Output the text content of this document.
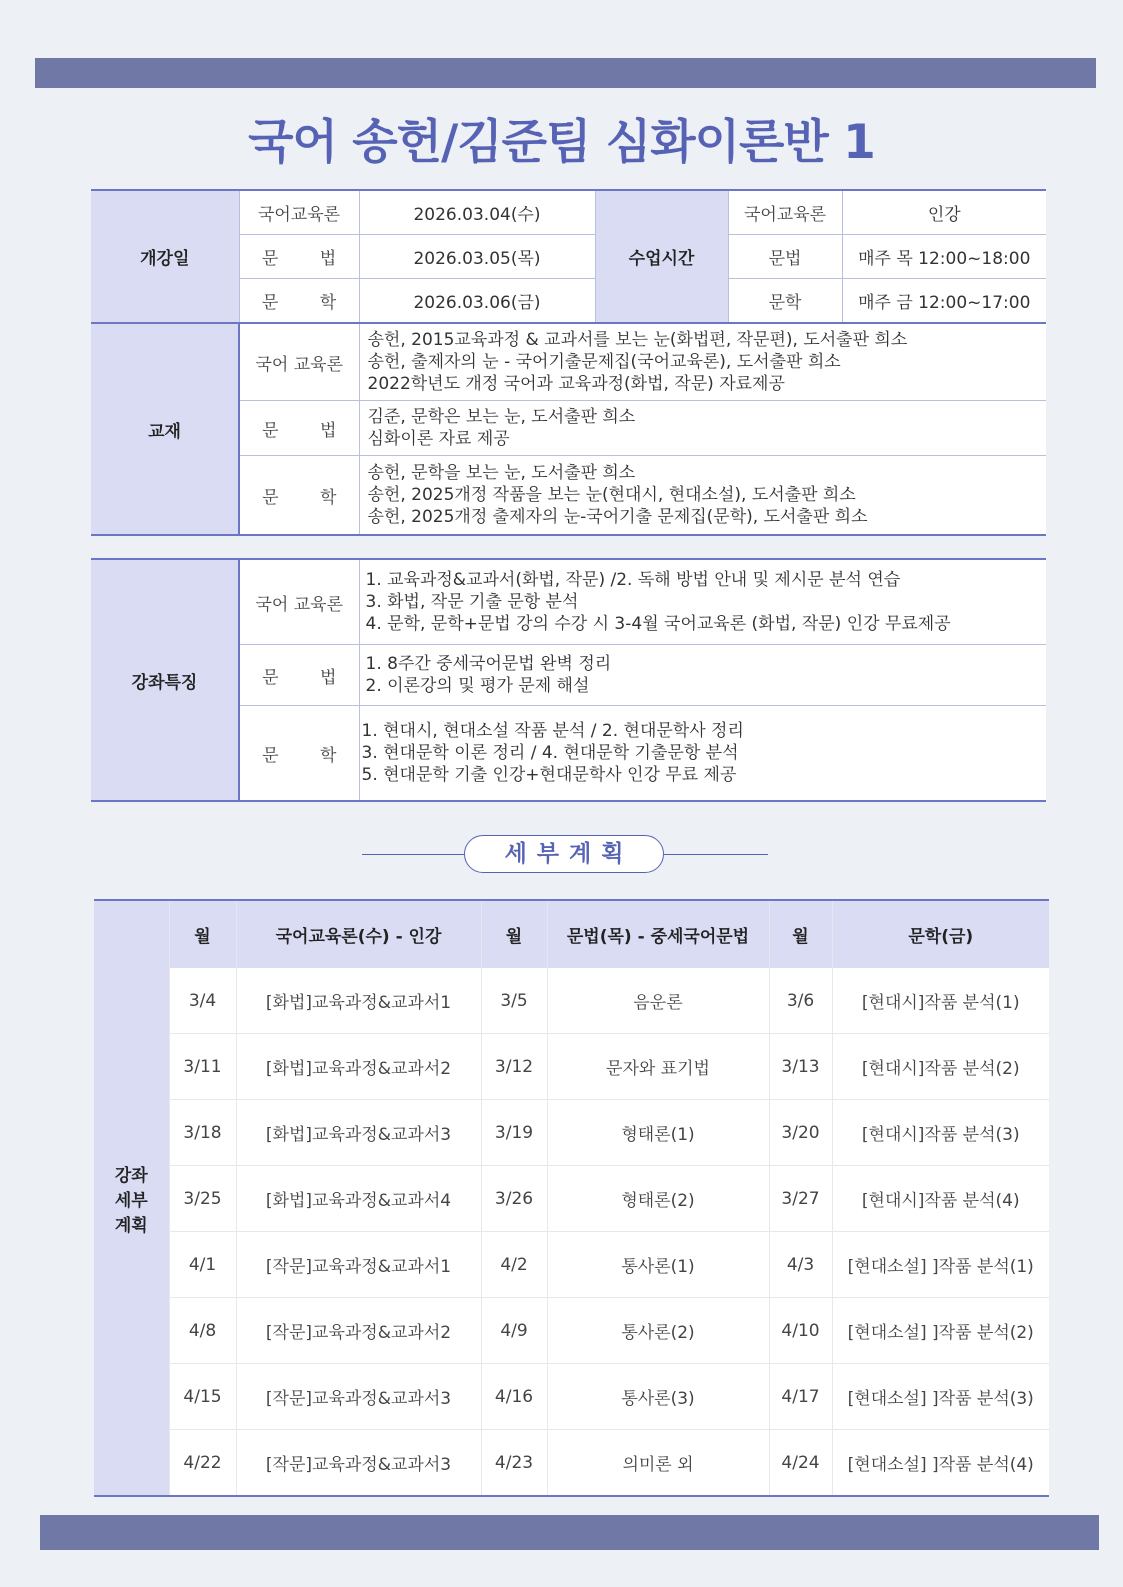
국어 송헌/김준팀 심화이론반 1
개강일	국어교육론	2026.03.04(수)	수업시간	국어교육론	인강
	문 법	2026.03.05(목)		문법	매주 목 12:00~18:00
	문 학	2026.03.06(금)		문학	매주 금 12:00~17:00
교재	국어 교육론	송헌, 2015교육과정 & 교과서를 보는 눈(화법편, 작문편), 도서출판 희소
송헌, 출제자의 눈 - 국어기출문제집(국어교육론), 도서출판 희소
2022학년도 개정 국어과 교육과정(화법, 작문) 자료제공			

	문 법	김준, 문학은 보는 눈, 도서출판 희소
심화이론 자료 제공			

	문 학	송헌, 문학을 보는 눈, 도서출판 희소
송헌, 2025개정 작품을 보는 눈(현대시, 현대소설), 도서출판 희소
송헌, 2025개정 출제자의 눈-국어기출 문제집(문학), 도서출판 희소			
강좌특징	국어 교육론	1. 교육과정&교과서(화법, 작문) /2. 독해 방법 안내 및 제시문 분석 연습
3. 화법, 작문 기출 문항 분석
4. 문학, 문학+문법 강의 수강 시 3-4월 국어교육론 (화법, 작문) 인강 무료제공

	문 법	1. 8주간 중세국어문법 완벽 정리
2. 이론강의 및 평가 문제 해설

	문 학	1. 현대시, 현대소설 작품 분석 / 2. 현대문학사 정리
3. 현대문학 이론 정리 / 4. 현대문학 기출문항 분석
5. 현대문학 기출 인강+현대문학사 인강 무료 제공
세부계획
강좌
세부
계획	월	국어교육론(수) - 인강	월	문법(목) - 중세국어문법	월	문학(금)
	3/4	[화법]교육과정&교과서1	3/5	음운론	3/6	[현대시]작품 분석(1)
	3/11	[화법]교육과정&교과서2	3/12	문자와 표기법	3/13	[현대시]작품 분석(2)
	3/18	[화법]교육과정&교과서3	3/19	형태론(1)	3/20	[현대시]작품 분석(3)
	3/25	[화법]교육과정&교과서4	3/26	형태론(2)	3/27	[현대시]작품 분석(4)
	4/1	[작문]교육과정&교과서1	4/2	통사론(1)	4/3	[현대소설] ]작품 분석(1)
	4/8	[작문]교육과정&교과서2	4/9	통사론(2)	4/10	[현대소설] ]작품 분석(2)
	4/15	[작문]교육과정&교과서3	4/16	통사론(3)	4/17	[현대소설] ]작품 분석(3)
	4/22	[작문]교육과정&교과서3	4/23	의미론 외	4/24	[현대소설] ]작품 분석(4)
